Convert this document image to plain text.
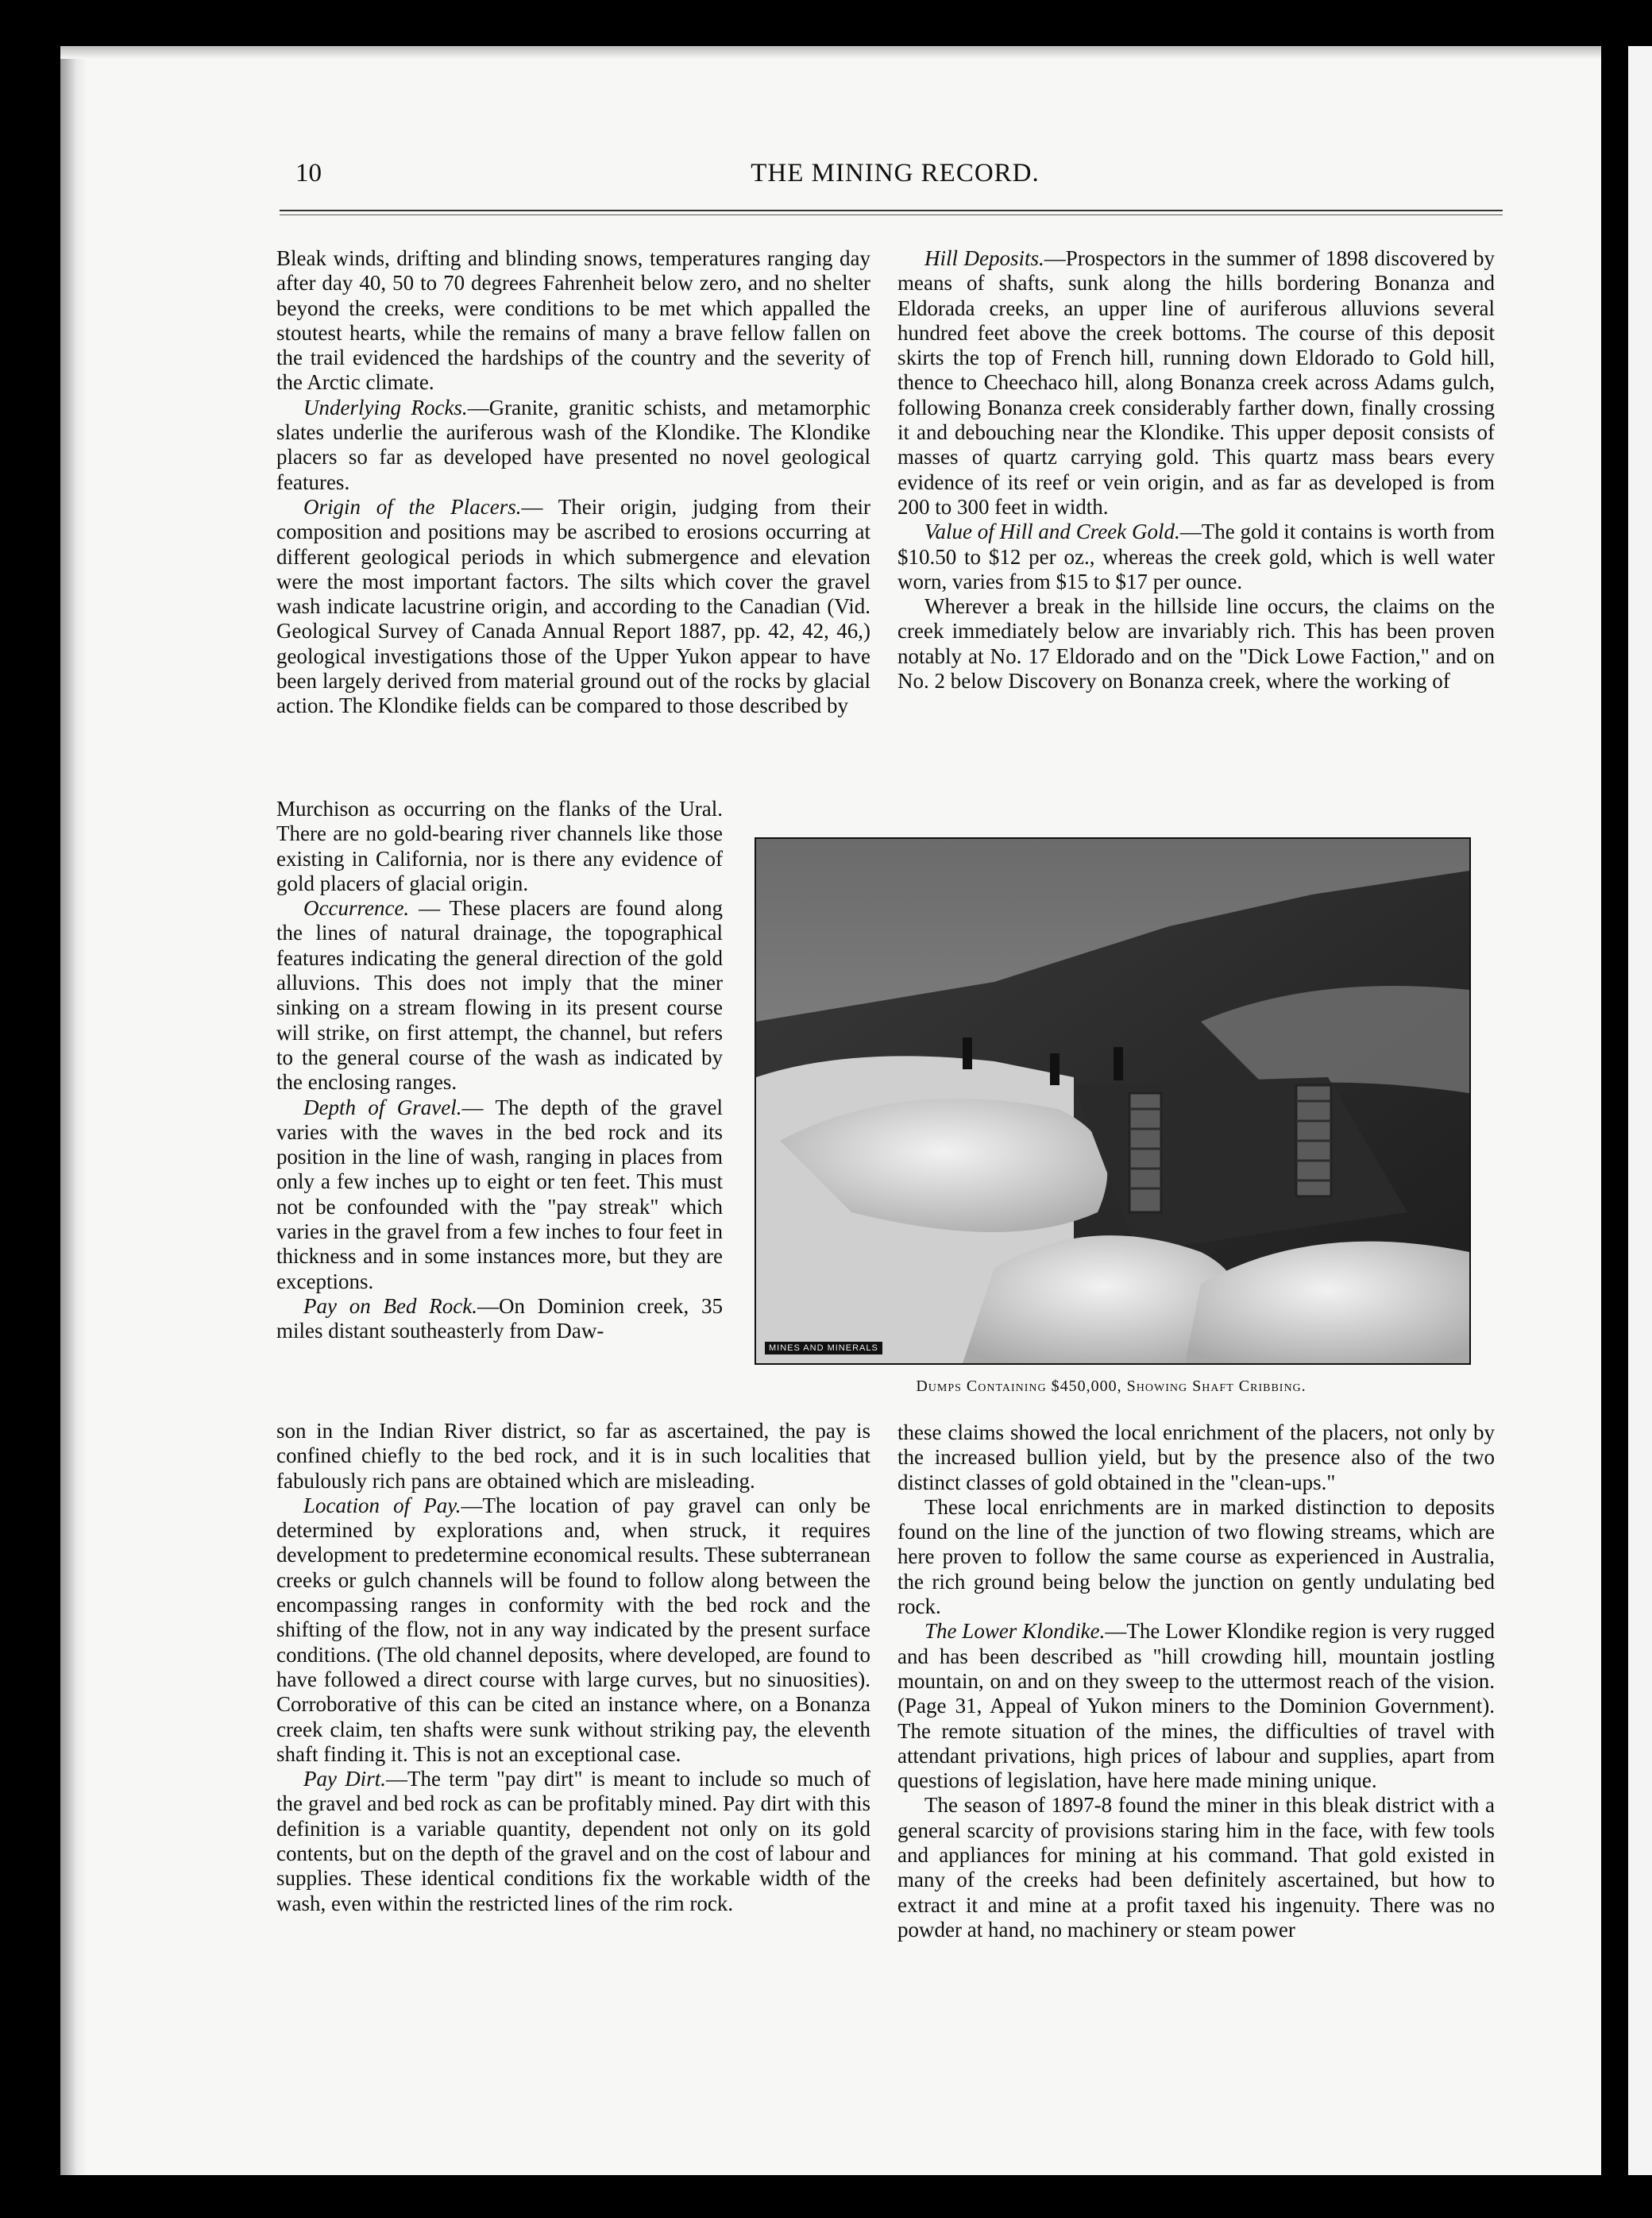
10	THE MINING RECORD.

Bleak winds, drifting and blinding snows, temperatures ranging day after day 40, 50 to 70 degrees Fahrenheit below zero, and no shelter beyond the creeks, were conditions to be met which appalled the stoutest hearts, while the remains of many a brave fellow fallen on the trail evidenced the hardships of the country and the severity of the Arctic climate.

Underlying Rocks.—Granite, granitic schists, and metamorphic slates underlie the auriferous wash of the Klondike. The Klondike placers so far as developed have presented no novel geological features.

Origin of the Placers.— Their origin, judging from their composition and positions may be ascribed to erosions occurring at different geological periods in which submergence and elevation were the most important factors. The silts which cover the gravel wash indicate lacustrine origin, and according to the Canadian (Vid. Geological Survey of Canada Annual Report 1887, pp. 42, 42, 46,) geological investigations those of the Upper Yukon appear to have been largely derived from material ground out of the rocks by glacial action. The Klondike fields can be compared to those described by

Murchison as occurring on the flanks of the Ural. There are no gold-bearing river channels like those existing in California, nor is there any evidence of gold placers of glacial origin.

Occurrence. — These placers are found along the lines of natural drainage, the topographical features indicating the general direction of the gold alluvions. This does not imply that the miner sinking on a stream flowing in its present course will strike, on first attempt, the channel, but refers to the general course of the wash as indicated by the enclosing ranges.

Depth of Gravel.— The depth of the gravel varies with the waves in the bed rock and its position in the line of wash, ranging in places from only a few inches up to eight or ten feet. This must not be confounded with the "pay streak" which varies in the gravel from a few inches to four feet in thickness and in some instances more, but they are exceptions.

Pay on Bed Rock.—On Dominion creek, 35 miles distant southeasterly from Daw-

son in the Indian River district, so far as ascertained, the pay is confined chiefly to the bed rock, and it is in such localities that fabulously rich pans are obtained which are misleading.

Location of Pay.—The location of pay gravel can only be determined by explorations and, when struck, it requires development to predetermine economical results. These subterranean creeks or gulch channels will be found to follow along between the encompassing ranges in conformity with the bed rock and the shifting of the flow, not in any way indicated by the present surface conditions. (The old channel deposits, where developed, are found to have followed a direct course with large curves, but no sinuosities). Corroborative of this can be cited an instance where, on a Bonanza creek claim, ten shafts were sunk without striking pay, the eleventh shaft finding it. This is not an exceptional case.

Pay Dirt.—The term "pay dirt" is meant to include so much of the gravel and bed rock as can be profitably mined. Pay dirt with this definition is a variable quantity, dependent not only on its gold contents, but on the depth of the gravel and on the cost of labour and supplies. These identical conditions fix the workable width of the wash, even within the restricted lines of the rim rock.

Hill Deposits.—Prospectors in the summer of 1898 discovered by means of shafts, sunk along the hills bordering Bonanza and Eldorada creeks, an upper line of auriferous alluvions several hundred feet above the creek bottoms. The course of this deposit skirts the top of French hill, running down Eldorado to Gold hill, thence to Cheechaco hill, along Bonanza creek across Adams gulch, following Bonanza creek considerably farther down, finally crossing it and debouching near the Klondike. This upper deposit consists of masses of quartz carrying gold. This quartz mass bears every evidence of its reef or vein origin, and as far as developed is from 200 to 300 feet in width.

Value of Hill and Creek Gold.—The gold it contains is worth from $10.50 to $12 per oz., whereas the creek gold, which is well water worn, varies from $15 to $17 per ounce.

Wherever a break in the hillside line occurs, the claims on the creek immediately below are invariably rich. This has been proven notably at No. 17 Eldorado and on the "Dick Lowe Faction," and on No. 2 below Discovery on Bonanza creek, where the working of

these claims showed the local enrichment of the placers, not only by the increased bullion yield, but by the presence also of the two distinct classes of gold obtained in the "clean-ups."

These local enrichments are in marked distinction to deposits found on the line of the junction of two flowing streams, which are here proven to follow the same course as experienced in Australia, the rich ground being below the junction on gently undulating bed rock.

The Lower Klondike.—The Lower Klondike region is very rugged and has been described as "hill crowding hill, mountain jostling mountain, on and on they sweep to the uttermost reach of the vision. (Page 31, Appeal of Yukon miners to the Dominion Government). The remote situation of the mines, the difficulties of travel with attendant privations, high prices of labour and supplies, apart from questions of legislation, have here made mining unique.

The season of 1897-8 found the miner in this bleak district with a general scarcity of provisions staring him in the face, with few tools and appliances for mining at his command. That gold existed in many of the creeks had been definitely ascertained, but how to extract it and mine at a profit taxed his ingenuity. There was no powder at hand, no machinery or steam power

MINES AND MINERALS
Dumps Containing $450,000, Showing Shaft Cribbing.
